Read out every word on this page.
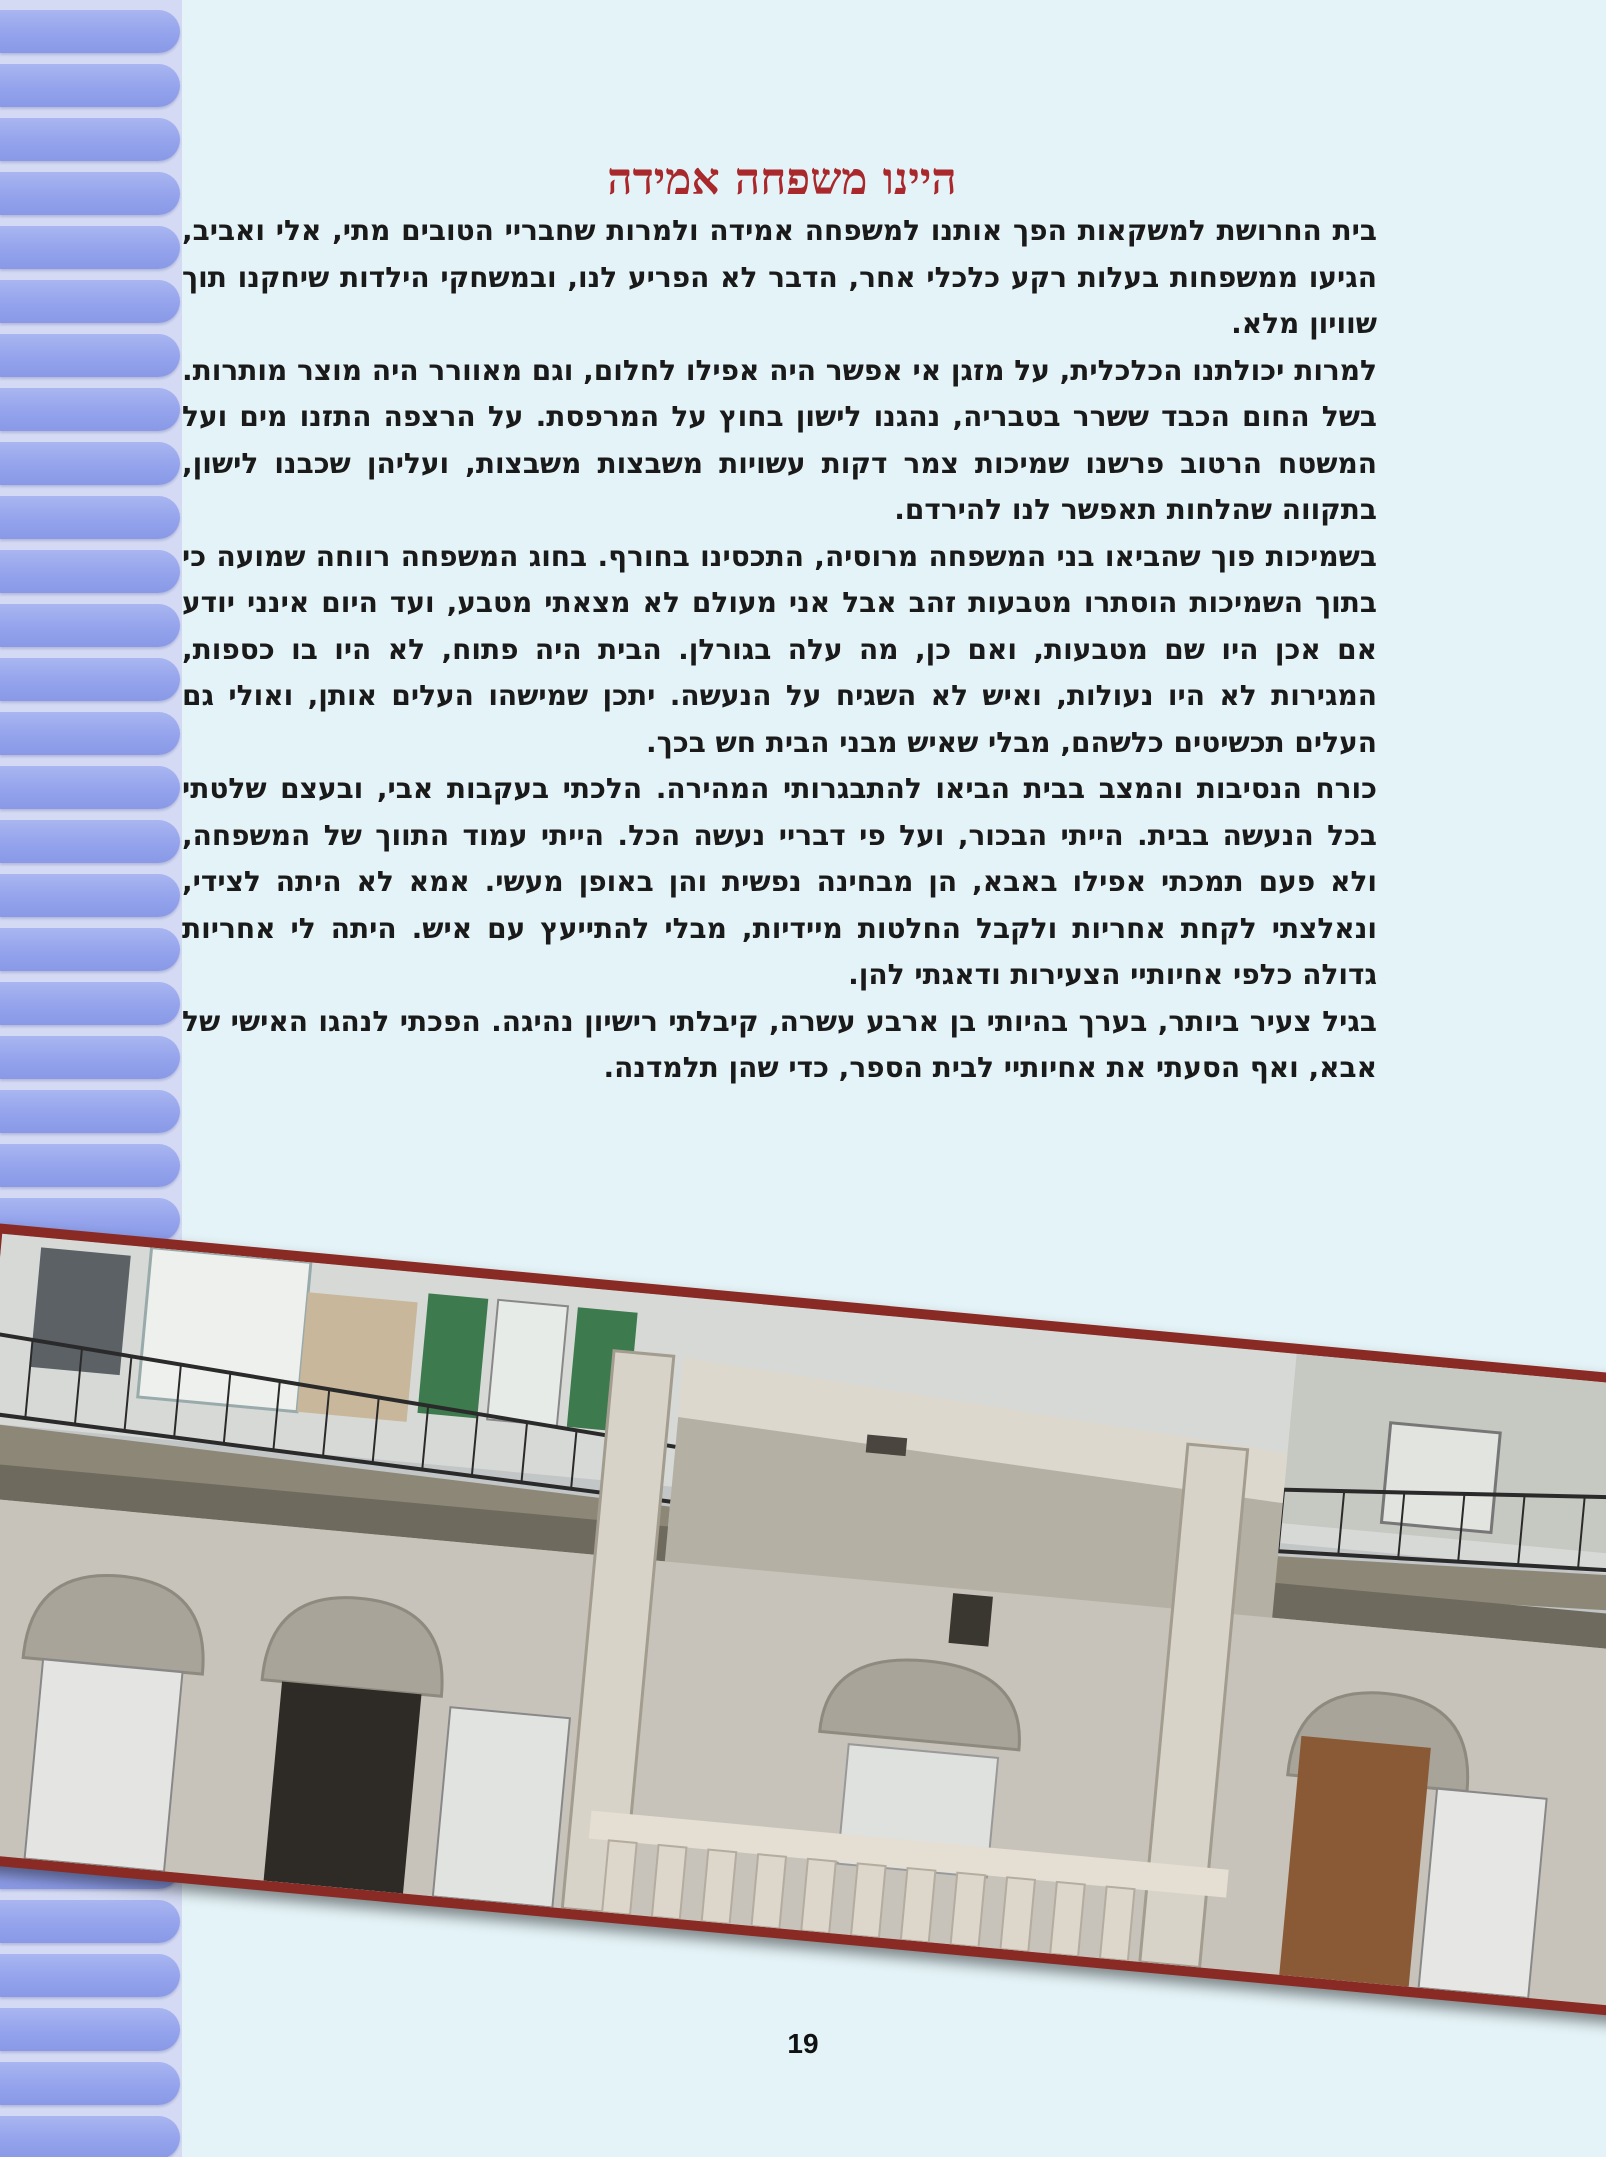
היינו משפחה אמידה

בית החרושת למשקאות הפך אותנו למשפחה אמידה ולמרות שחבריי הטובים מתי, אלי ואביב, הגיעו ממשפחות בעלות רקע כלכלי אחר, הדבר לא הפריע לנו, ובמשחקי הילדות שיחקנו תוך שוויון מלא.

למרות יכולתנו הכלכלית, על מזגן אי אפשר היה אפילו לחלום, וגם מאוורר היה מוצר מותרות. בשל החום הכבד ששרר בטבריה, נהגנו לישון בחוץ על המרפסת. על הרצפה התזנו מים ועל המשטח הרטוב פרשנו שמיכות צמר דקות עשויות משבצות משבצות, ועליהן שכבנו לישון, בתקווה שהלחות תאפשר לנו להירדם.

בשמיכות פוך שהביאו בני המשפחה מרוסיה, התכסינו בחורף. בחוג המשפחה רווחה שמועה כי בתוך השמיכות הוסתרו מטבעות זהב אבל אני מעולם לא מצאתי מטבע, ועד היום אינני יודע אם אכן היו שם מטבעות, ואם כן, מה עלה בגורלן. הבית היה פתוח, לא היו בו כספות, המגירות לא היו נעולות, ואיש לא השגיח על הנעשה. יתכן שמישהו העלים אותן, ואולי גם העלים תכשיטים כלשהם, מבלי שאיש מבני הבית חש בכך.

כורח הנסיבות והמצב בבית הביאו להתבגרותי המהירה. הלכתי בעקבות אבי, ובעצם שלטתי בכל הנעשה בבית. הייתי הבכור, ועל פי דבריי נעשה הכל. הייתי עמוד התווך של המשפחה, ולא פעם תמכתי אפילו באבא, הן מבחינה נפשית והן באופן מעשי. אמא לא היתה לצידי, ונאלצתי לקחת אחריות ולקבל החלטות מיידיות, מבלי להתייעץ עם איש. היתה לי אחריות גדולה כלפי אחיותיי הצעירות ודאגתי להן.

בגיל צעיר ביותר, בערך בהיותי בן ארבע עשרה, קיבלתי רישיון נהיגה. הפכתי לנהגו האישי של אבא, ואף הסעתי את אחיותיי לבית הספר, כדי שהן תלמדנה.

19
